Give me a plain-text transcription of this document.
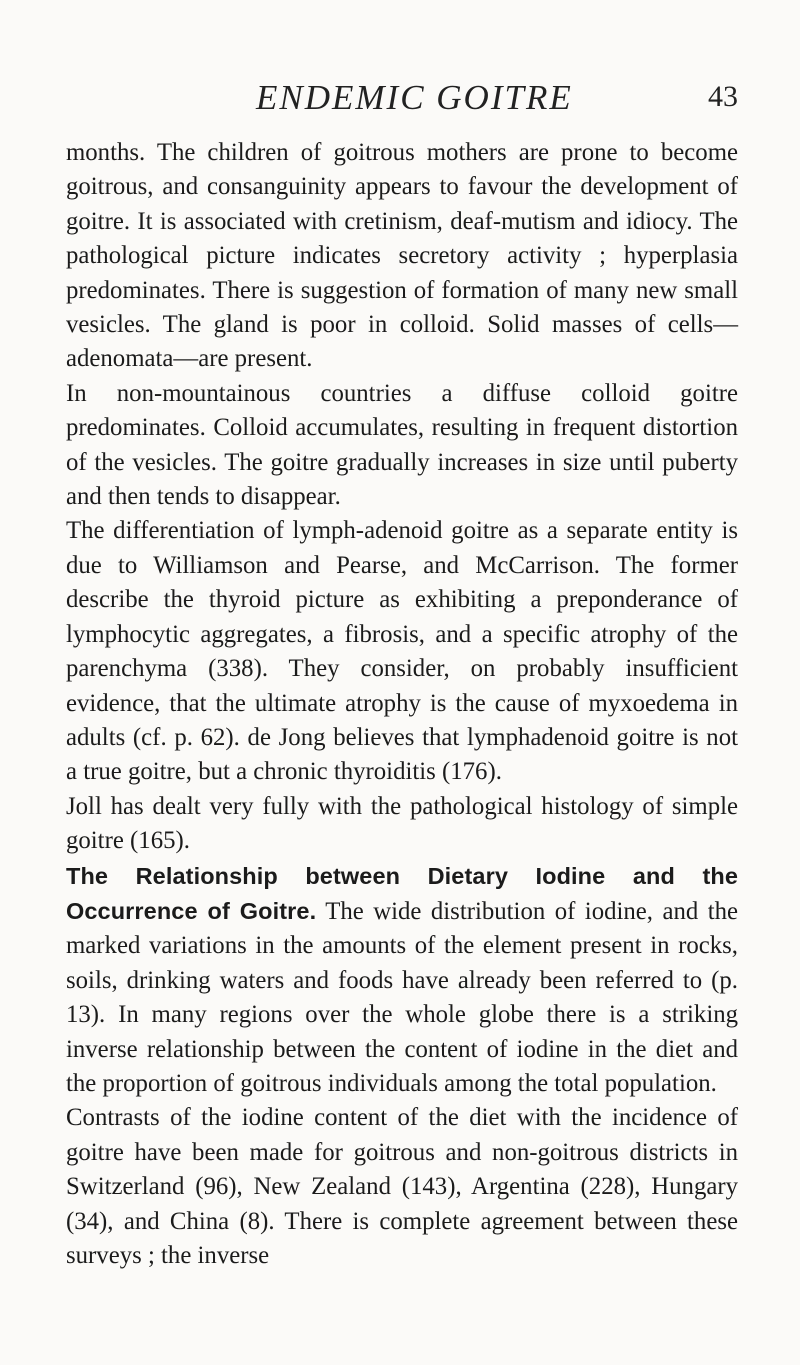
ENDEMIC GOITRE	43

months. The children of goitrous mothers are prone to become goitrous, and consanguinity appears to favour the development of goitre. It is associated with cretinism, deaf-mutism and idiocy. The pathological picture indicates secretory activity ; hyperplasia predominates. There is suggestion of formation of many new small vesicles. The gland is poor in colloid. Solid masses of cells—adenomata—are present.

In non-mountainous countries a diffuse colloid goitre predominates. Colloid accumulates, resulting in frequent distortion of the vesicles. The goitre gradually increases in size until puberty and then tends to disappear.

The differentiation of lymph-adenoid goitre as a separate entity is due to Williamson and Pearse, and McCarrison. The former describe the thyroid picture as exhibiting a preponderance of lymphocytic aggregates, a fibrosis, and a specific atrophy of the parenchyma (338). They consider, on probably insufficient evidence, that the ultimate atrophy is the cause of myxoedema in adults (cf. p. 62). de Jong believes that lymphadenoid goitre is not a true goitre, but a chronic thyroiditis (176).

Joll has dealt very fully with the pathological histology of simple goitre (165).

The Relationship between Dietary Iodine and the Occurrence of Goitre. The wide distribution of iodine, and the marked variations in the amounts of the element present in rocks, soils, drinking waters and foods have already been referred to (p. 13). In many regions over the whole globe there is a striking inverse relationship between the content of iodine in the diet and the proportion of goitrous individuals among the total population.

Contrasts of the iodine content of the diet with the incidence of goitre have been made for goitrous and non-goitrous districts in Switzerland (96), New Zealand (143), Argentina (228), Hungary (34), and China (8). There is complete agreement between these surveys ; the inverse
